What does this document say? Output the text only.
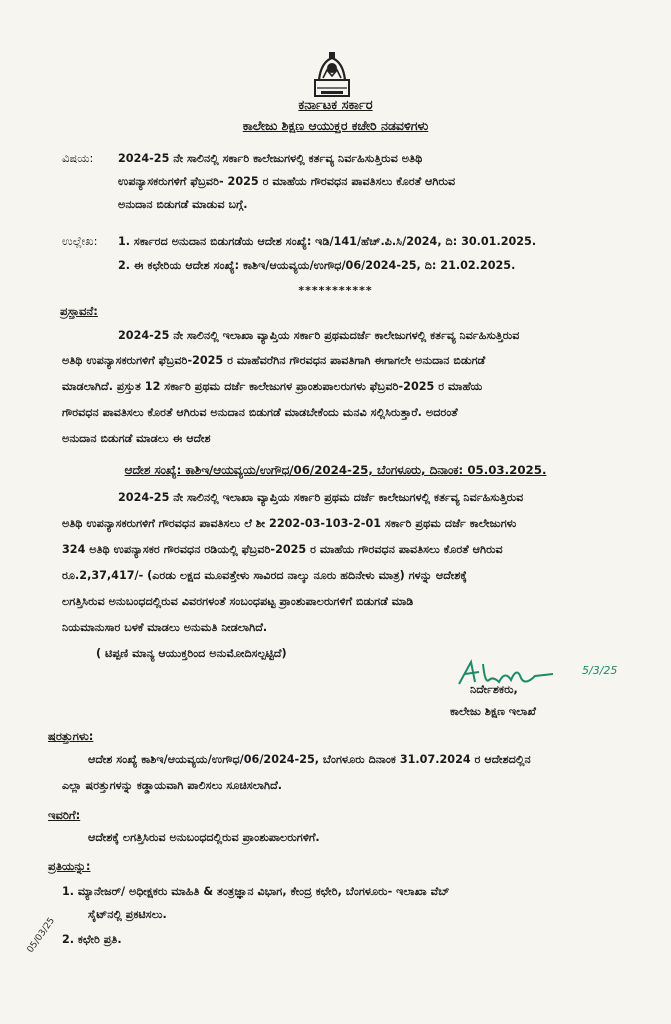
ಕರ್ನಾಟಕ ಸರ್ಕಾರ
ಕಾಲೇಜು ಶಿಕ್ಷಣ ಆಯುಕ್ತರ ಕಚೇರಿ ನಡವಳಿಗಳು
ವಿಷಯ: 2024-25 ನೇ ಸಾಲಿನಲ್ಲಿ ಸರ್ಕಾರಿ ಕಾಲೇಜುಗಳಲ್ಲಿ ಕರ್ತವ್ಯ ನಿರ್ವಹಿಸುತ್ತಿರುವ ಅತಿಥಿ
ಉಪನ್ಯಾಸಕರುಗಳಿಗೆ ಫೆಬ್ರವರಿ- 2025 ರ ಮಾಹೆಯ ಗೌರವಧನ ಪಾವತಿಸಲು ಕೊರತೆ ಆಗಿರುವ
ಅನುದಾನ ಬಿಡುಗಡೆ ಮಾಡುವ ಬಗ್ಗೆ.
ಉಲ್ಲೇಖ: 1. ಸರ್ಕಾರದ ಅನುದಾನ ಬಿಡುಗಡೆಯ ಆದೇಶ ಸಂಖ್ಯೆ: ಇಡಿ/141/ಹೆಚ್.ಪಿ.ಸಿ/2024, ದಿ: 30.01.2025.
2. ಈ ಕಛೇರಿಯ ಆದೇಶ ಸಂಖ್ಯೆ: ಕಾಶಿಇ/ಆಯವ್ಯಯ/ಉಗೌಧ/06/2024-25, ದಿ: 21.02.2025.
***********
ಪ್ರಸ್ತಾವನೆ:
2024-25 ನೇ ಸಾಲಿನಲ್ಲಿ ಇಲಾಖಾ ವ್ಯಾಪ್ತಿಯ ಸರ್ಕಾರಿ ಪ್ರಥಮದರ್ಜೆ ಕಾಲೇಜುಗಳಲ್ಲಿ ಕರ್ತವ್ಯ ನಿರ್ವಹಿಸುತ್ತಿರುವ
ಅತಿಥಿ ಉಪನ್ಯಾಸಕರುಗಳಿಗೆ ಫೆಬ್ರವರಿ-2025 ರ ಮಾಹೆವರೆಗಿನ ಗೌರವಧನ ಪಾವತಿಗಾಗಿ ಈಗಾಗಲೇ ಅನುದಾನ ಬಿಡುಗಡೆ
ಮಾಡಲಾಗಿದೆ. ಪ್ರಸ್ತುತ 12 ಸರ್ಕಾರಿ ಪ್ರಥಮ ದರ್ಜೆ ಕಾಲೇಜುಗಳ ಪ್ರಾಂಶುಪಾಲರುಗಳು ಫೆಬ್ರವರಿ-2025 ರ ಮಾಹೆಯ
ಗೌರವಧನ ಪಾವತಿಸಲು ಕೊರತೆ ಆಗಿರುವ ಅನುದಾನ ಬಿಡುಗಡೆ ಮಾಡಬೇಕೆಂದು ಮನವಿ ಸಲ್ಲಿಸಿರುತ್ತಾರೆ. ಅದರಂತೆ
ಅನುದಾನ ಬಿಡುಗಡೆ ಮಾಡಲು ಈ ಆದೇಶ
ಆದೇಶ ಸಂಖ್ಯೆ: ಕಾಶಿಇ/ಆಯವ್ಯಯ/ಉಗೌಧ/06/2024-25, ಬೆಂಗಳೂರು, ದಿನಾಂಕ: 05.03.2025.
2024-25 ನೇ ಸಾಲಿನಲ್ಲಿ ಇಲಾಖಾ ವ್ಯಾಪ್ತಿಯ ಸರ್ಕಾರಿ ಪ್ರಥಮ ದರ್ಜೆ ಕಾಲೇಜುಗಳಲ್ಲಿ ಕರ್ತವ್ಯ ನಿರ್ವಹಿಸುತ್ತಿರುವ
ಅತಿಥಿ ಉಪನ್ಯಾಸಕರುಗಳಿಗೆ ಗೌರವಧನ ಪಾವತಿಸಲು ಲೆ ಶೀ 2202-03-103-2-01 ಸರ್ಕಾರಿ ಪ್ರಥಮ ದರ್ಜೆ ಕಾಲೇಜುಗಳು
324 ಅತಿಥಿ ಉಪನ್ಯಾಸಕರ ಗೌರವಧನ ರಡಿಯಲ್ಲಿ ಫೆಬ್ರವರಿ-2025 ರ ಮಾಹೆಯ ಗೌರವಧನ ಪಾವತಿಸಲು ಕೊರತೆ ಆಗಿರುವ
ರೂ.2,37,417/- (ಎರಡು ಲಕ್ಷದ ಮೂವತ್ತೇಳು ಸಾವಿರದ ನಾಲ್ಕು ನೂರು ಹದಿನೇಳು ಮಾತ್ರ) ಗಳನ್ನು ಆದೇಶಕ್ಕೆ
ಲಗತ್ತಿಸಿರುವ ಅನುಬಂಧದಲ್ಲಿರುವ ವಿವರಗಳಂತೆ ಸಂಬಂಧಪಟ್ಟ ಪ್ರಾಂಶುಪಾಲರುಗಳಿಗೆ ಬಿಡುಗಡೆ ಮಾಡಿ
ನಿಯಮಾನುಸಾರ ಬಳಕೆ ಮಾಡಲು ಅನುಮತಿ ನೀಡಲಾಗಿದೆ.
( ಟಿಪ್ಪಣಿ ಮಾನ್ಯ ಆಯುಕ್ತರಿಂದ ಅನುಮೋದಿಸಲ್ಪಟ್ಟಿದೆ)
5/3/25
ನಿರ್ದೇಶಕರು,
ಕಾಲೇಜು ಶಿಕ್ಷಣ ಇಲಾಖೆ
ಷರತ್ತುಗಳು:
ಆದೇಶ ಸಂಖ್ಯೆ ಕಾಶಿಇ/ಆಯವ್ಯಯ/ಉಗೌಧ/06/2024-25, ಬೆಂಗಳೂರು ದಿನಾಂಕ 31.07.2024 ರ ಆದೇಶದಲ್ಲಿನ
ಎಲ್ಲಾ ಷರತ್ತುಗಳನ್ನು ಕಡ್ಡಾಯವಾಗಿ ಪಾಲಿಸಲು ಸೂಚಿಸಲಾಗಿದೆ.
ಇವರಿಗೆ:
ಆದೇಶಕ್ಕೆ ಲಗತ್ತಿಸಿರುವ ಅನುಬಂಧದಲ್ಲಿರುವ ಪ್ರಾಂಶುಪಾಲರುಗಳಿಗೆ.
ಪ್ರತಿಯನ್ನು:
1. ಮ್ಯಾನೇಜರ್/ ಅಧೀಕ್ಷಕರು ಮಾಹಿತಿ & ತಂತ್ರಜ್ಞಾನ ವಿಭಾಗ, ಕೇಂದ್ರ ಕಛೇರಿ, ಬೆಂಗಳೂರು- ಇಲಾಖಾ ವೆಬ್
ಸೈಟ್‌ನಲ್ಲಿ ಪ್ರಕಟಿಸಲು.
2. ಕಛೇರಿ ಪ್ರತಿ.
05/03/25
